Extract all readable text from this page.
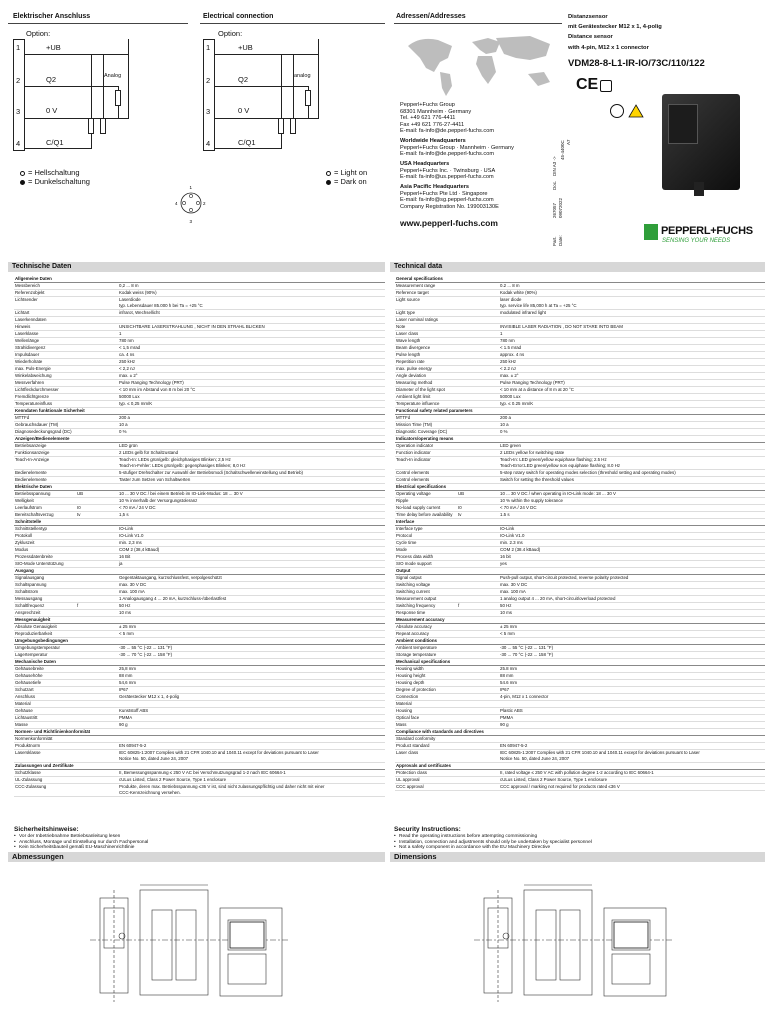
Elektrischer Anschluss
Option:
1
2
3
4
+UB
Q2
0 V
C/Q1
Analog
= Hellschaltung
= Dunkelschaltung
1
2
3
4
Electrical connection
Option:
1
2
3
4
+UB
Q2
0 V
C/Q1
analog
= Light on
= Dark on
Adressen/Addresses
Pepperl+Fuchs Group
68301 Mannheim · Germany
Tel. +49 621 776-4411
Fax +49 621 776-27-4411
E-mail: fa-info@de.pepperl-fuchs.com
Worldwide Headquarters
Pepperl+Fuchs Group · Mannheim · Germany
E-mail: fa-info@de.pepperl-fuchs.com
USA Headquarters
Pepperl+Fuchs Inc. · Twinsburg · USA
E-mail: fa-info@us.pepperl-fuchs.com
Asia Pacific Headquarters
Pepperl+Fuchs Pte Ltd · Singapore
E-mail: fa-info@sg.pepperl-fuchs.com
Company Registration No. 199003130E
www.pepperl-fuchs.com
Doc.
DIN A3 ->
45-4400C A7
Part. Date:
267057 09072022
Distanzsensor
mit Gerätestecker M12 x 1, 4-polig
Distance sensor
with 4-pin, M12 x 1 connector
VDM28-8-L1-IR-IO/73C/110/122
CE
PEPPERL+FUCHS
SENSING YOUR NEEDS
Technische Daten	Technical data
Allgemeine Daten			
Messbereich			0,2 ... 8 m

Referenzobjekt			Kodak weiss (90%)

Lichtsender			Laserdiode
typ. Lebensdauer 85.000 h bei Ta = +25 °C

Lichtart			infrarot, Wechsellicht

Laserkenndaten			

Hinweis			UNSICHTBARE LASERSTRAHLUNG , NICHT IN DEN STRAHL BLICKEN

Laserklasse			1

Wellenlänge			780 nm

Strahldivergenz			< 1,5 mrad

Impulsdauer			ca. 4 ns

Wiederholrate			250 kHz

max. Puls-Energie			< 2,2 nJ

Winkelabweichung			max. ± 2°

Messverfahren			Pulse Ranging Technology (PRT)

Lichtfleckdurchmesser			< 10 mm im Abstand von 8 m bei 20 °C

Fremdlichtgrenze			50000 Lux

Temperatureinfluss			typ. ≤ 0,25 mm/K

Kenndaten funktionale Sicherheit			
MTTFd			200 a

Gebrauchsdauer (TM)			10 a

Diagnosedeckungsgrad (DC)			0 %

Anzeigen/Bedienelemente			
Betriebsanzeige			LED grün

Funktionsanzeige			2 LEDs gelb für Schaltzustand

Teach-In-Anzeige			Teach-In: LEDs grün/gelb: gleichphasiges Blinken; 2,5 Hz
Teach-In-Fehler: LEDs grün/gelb: gegenphasiges Blinken; 8,0 Hz

Bedienelemente			5-stufiger Drehschalter zur Auswahl der Betriebsmodi (Schaltschwelleneinstellung und Betrieb)

Bedienelemente			Taster zum Setzen von Schaltwerten

Elektrische Daten			
Betriebsspannung	UB		10 ... 30 V DC / bei einem Betrieb im IO-Link-Modus: 18 ... 30 V

Welligkeit			10 % innerhalb der Versorgungstoleranz

Leerlaufstrom	I0		< 70 mA / 24 V DC

Bereitschaftsverzug	tv		1,5 s

Schnittstelle			
Schnittstellentyp			IO-Link

Protokoll			IO-Link V1.0

Zykluszeit			min. 2,3 ms

Modus			COM 2 (38,4 kBaud)

Prozessdatenbreite			16 Bit

SIO-Mode Unterstützung			ja

Ausgang			
Signalausgang			Gegentaktausgang, kurzschlussfest, verpolgeschützt

Schaltspannung			max. 30 V DC

Schaltstrom			max. 100 mA

Messausgang			1 Analogausgang 4 ... 20 mA, kurzschluss-/überlastfest

Schaltfrequenz	f		50 Hz

Ansprechzeit			10 ms

Messgenauigkeit			
Absolute Genauigkeit			± 25 mm

Reproduzierbarkeit			< 5 mm

Umgebungsbedingungen			
Umgebungstemperatur			-30 ... 55 °C (-22 ... 131 °F)

Lagertemperatur			-30 ... 70 °C (-22 ... 158 °F)

Mechanische Daten			
Gehäusebreite			25,8 mm

Gehäusehöhe			88 mm

Gehäusetiefe			54,6 mm

Schutzart			IP67

Anschluss			Gerätestecker M12 x 1, 4-polig

Material			

Gehäuse			Kunststoff ABS

Lichtaustritt			PMMA

Masse			90 g

Normen- und Richtlinienkonformität			
Normenkonformität			

Produktnorm			EN 60947-5-2

Lasersklasse			IEC 60825-1:2007 Complies with 21 CFR 1040.10 and 1040.11 except for deviations pursuant to Laser
Notice No. 50, dated June 24, 2007

Zulassungen und Zertifikate			
Schutzklasse			II, Bemessungsspannung ≤ 250 V AC bei Verschmutzungsgrad 1-2 nach IEC 60664-1

UL-Zulassung			cULus Listed, Class 2 Power Source, Type 1 enclosure

CCC-Zulassung			Produkte, deren max. Betriebsspannung ≤36 V ist, sind nicht zulassungspflichtig und daher nicht mit einer
CCC-Kennzeichnung versehen.
General specifications			
Measurement range			0.2 ... 8 m

Reference target			Kodak white (90%)

Light source			laser diode
typ. service life 85,000 h at Ta = +25 °C

Light type			modulated infrared light

Laser nominal ratings			

Note			INVISIBLE LASER RADIATION , DO NOT STARE INTO BEAM

Laser class			1

Wave length			780 nm

Beam divergence			< 1.5 mrad

Pulse length			approx. 4 ns

Repetition rate			250 kHz

max. pulse energy			< 2.2 nJ

Angle deviation			max. ± 2°

Measuring method			Pulse Ranging Technology (PRT)

Diameter of the light spot			< 10 mm at a distance of 8 m at 20 °C

Ambient light limit			50000 Lux

Temperature influence			typ. ≤ 0.25 mm/K

Functional safety related parameters			
MTTFd			200 a

Mission Time (TM)			10 a

Diagnostic Coverage (DC)			0 %

Indicators/operating means			
Operation indicator			LED green

Function indicator			2 LEDs yellow for switching state

Teach-In indicator			Teach-In: LED green/yellow equiphase flashing; 2.5 Hz
Teach-Error:LED green/yellow non equiphase flashing; 8.0 Hz

Control elements			5-step rotary switch for operating modes selection (threshold setting and operating modes)

Control elements			Switch for setting the threshold values

Electrical specifications			
Operating voltage	UB		10 ... 30 V DC / when operating in IO-Link mode: 18 ... 30 V

Ripple			10 % within the supply tolerance

No-load supply current	I0		< 70 mA / 24 V DC

Time delay before availability	tv		1.5 s

Interface			
Interface type			IO-Link

Protocol			IO-Link V1.0

Cycle time			min. 2.3 ms

Mode			COM 2 (38.4 kBaud)

Process data width			16 bit

SIO mode support			yes

Output			
Signal output			Push-pull output, short-circuit protected, reverse polarity protected

Switching voltage			max. 30 V DC

Switching current			max. 100 mA

Measurement output			1 analog output 4 ... 20 mA, short-circuit/overload protected

Switching frequency	f		50 Hz

Response time			10 ms

Measurement accuracy			
Absolute accuracy			± 25 mm

Repeat accuracy			< 5 mm

Ambient conditions			
Ambient temperature			-30 ... 55 °C (-22 ... 131 °F)

Storage temperature			-30 ... 70 °C (-22 ... 158 °F)

Mechanical specifications			
Housing width			25.8 mm

Housing height			88 mm

Housing depth			54.6 mm

Degree of protection			IP67

Connection			4-pin, M12 x 1 connector

Material			

Housing			Plastic ABS

Optical face			PMMA

Mass			90 g

Compliance with standards and directives			
Standard conformity			

Product standard			EN 60947-5-2

Laser class			IEC 60825-1:2007 Complies with 21 CFR 1040.10 and 1040.11 except for deviations pursuant to Laser
Notice No. 50, dated June 24, 2007

Approvals and certificates			
Protection class			II, rated voltage ≤ 250 V AC with pollution degree 1-2 according to IEC 60664-1

UL approval			cULus Listed, Class 2 Power Source, Type 1 enclosure

CCC approval			CCC approval / marking not required for products rated ≤36 V
Sicherheitshinweise:
• Vor der Inbetriebnahme Betriebsanleitung lesen
• Anschluss, Montage und Einstellung nur durch Fachpersonal
• Kein Sicherheitsbauteil gemäß EU-Maschinenrichtlinie
Security Instructions:
• Read the operating instructions before attempting commissioning
• Installation, connection and adjustments should only be undertaken by specialist personnel
• Not a safety component in accordance with the EU Machinery Directive
Abmessungen	Dimensions
